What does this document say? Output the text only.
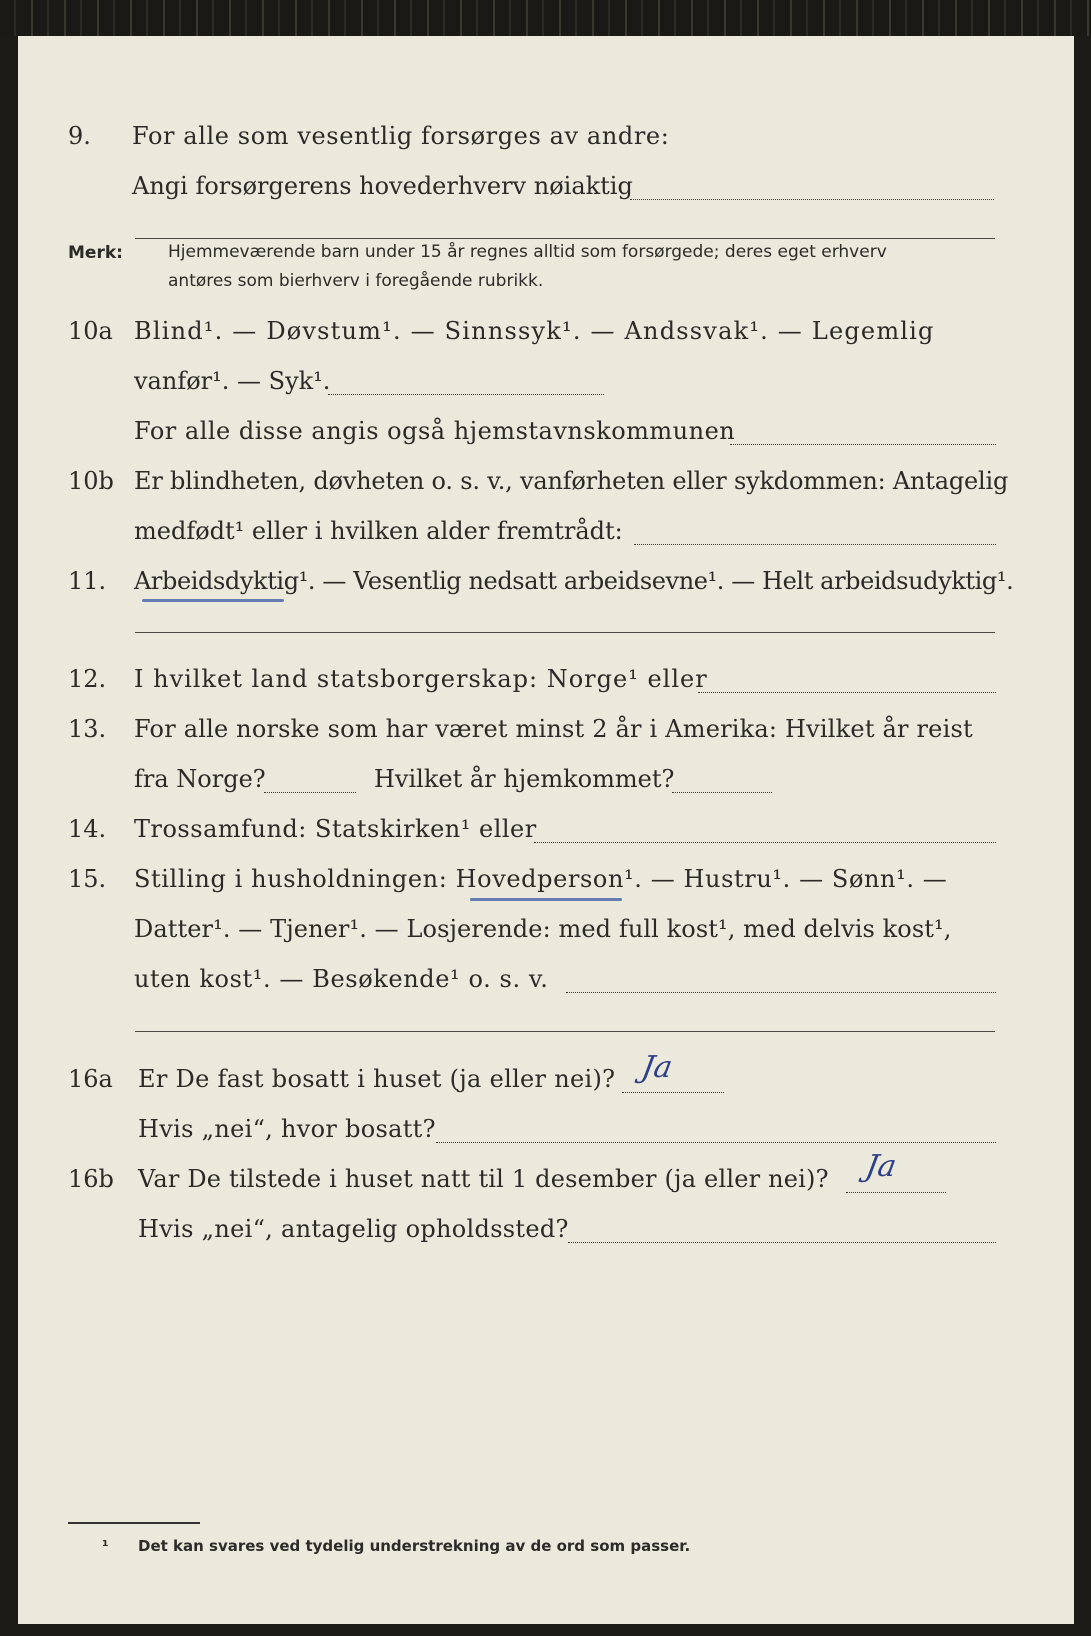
9. For alle som vesentlig forsørges av andre:
Angi forsørgerens hovederhverv nøiaktig
Merk:	Hjemmeværende barn under 15 år regnes alltid som forsørgede; deres eget erhverv
antøres som bierhverv i foregående rubrikk.
10a Blind¹. — Døvstum¹. — Sinnssyk¹. — Andssvak¹. — Legemlig
vanfør¹. — Syk¹.
For alle disse angis også hjemstavnskommunen
10b Er blindheten, døvheten o. s. v., vanførheten eller sykdommen: Antagelig
medfødt¹ eller i hvilken alder fremtrådt:
11. Arbeidsdyktig¹. — Vesentlig nedsatt arbeidsevne¹. — Helt arbeidsudyktig¹.
12. I hvilket land statsborgerskap: Norge¹ eller
13. For alle norske som har været minst 2 år i Amerika: Hvilket år reist
fra Norge?	Hvilket år hjemkommet?
14. Trossamfund: Statskirken¹ eller
15. Stilling i husholdningen: Hovedperson¹. — Hustru¹. — Sønn¹. —
Datter¹. — Tjener¹. — Losjerende: med full kost¹, med delvis kost¹,
uten kost¹. — Besøkende¹ o. s. v.
16a Er De fast bosatt i huset (ja eller nei)? Ja
Hvis „nei“, hvor bosatt?
16b Var De tilstede i huset natt til 1 desember (ja eller nei)? Ja
Hvis „nei“, antagelig opholdssted?
¹ Det kan svares ved tydelig understrekning av de ord som passer.
